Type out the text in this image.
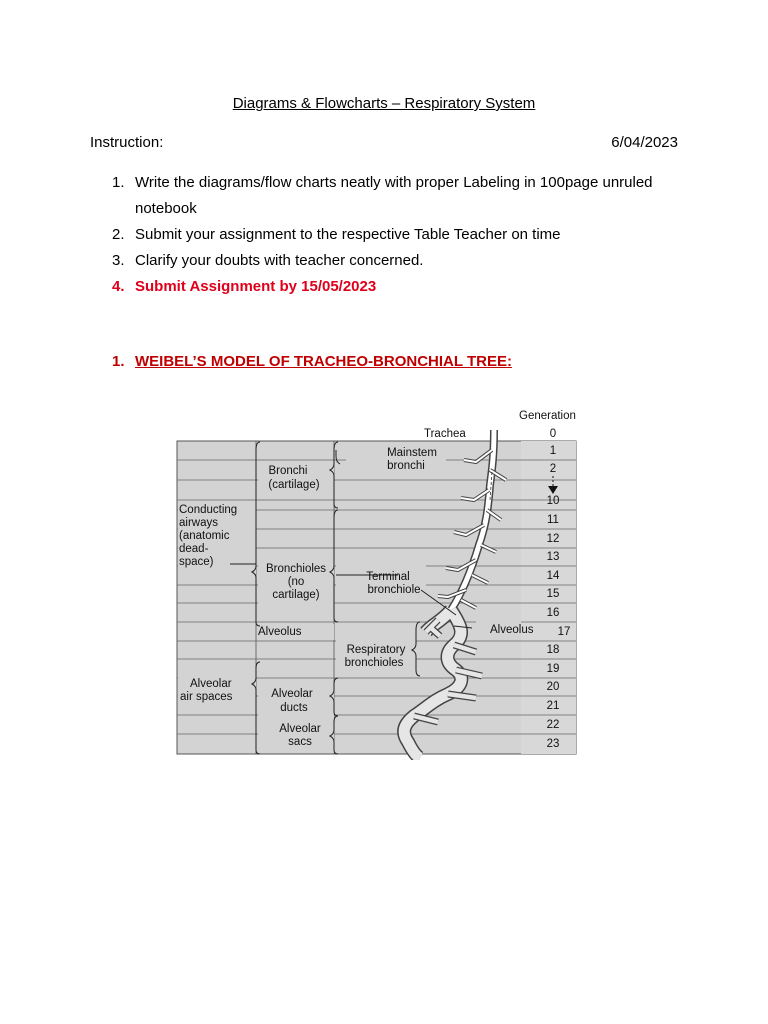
Diagrams & Flowcharts – Respiratory System
Instruction:	6/04/2023
1. Write the diagrams/flow charts neatly with proper Labeling in 100page unruled notebook
2. Submit your assignment to the respective Table Teacher on time
3. Clarify your doubts with teacher concerned.
4. Submit Assignment by 15/05/2023
1. WEIBEL’S MODEL OF TRACHEO-BRONCHIAL TREE:
Conducting
airways
(anatomic
dead-
space)
Alveolar
air spaces
Bronchi
(cartilage)
Bronchioles
(no
cartilage)
Alveolus
Alveolar
ducts
Alveolar
sacs
Mainstem
bronchi
Terminal
bronchiole
Respiratory
bronchioles
Alveolus
Generation
Trachea	0
1
2
10
11
12
13
14
15
16
17
18
19
20
21
22
23
